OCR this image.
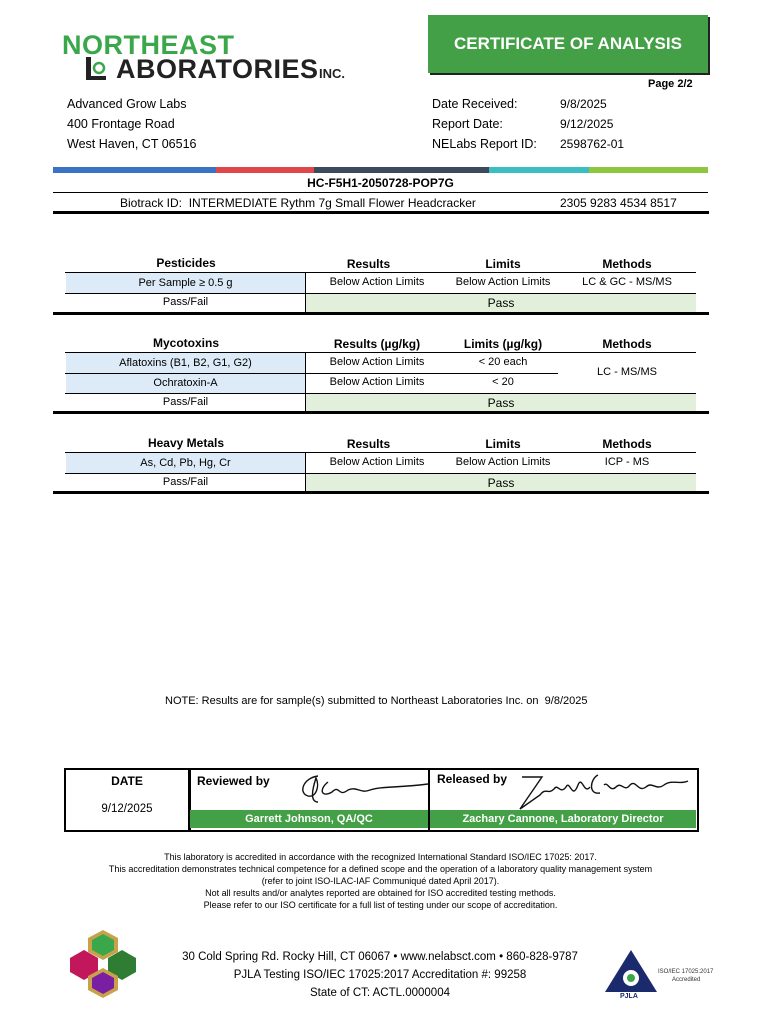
NORTHEAST
ABORATORIES INC.
CERTIFICATE OF ANALYSIS
Page 2/2
Advanced Grow Labs
400 Frontage Road
West Haven, CT 06516
Date Received:	9/8/2025
Report Date:	9/12/2025
NELabs Report ID: 2598762-01
HC-F5H1-2050728-POP7G
Biotrack ID: INTERMEDIATE Rythm 7g Small Flower Headcracker	2305 9283 4534 8517
Pesticides	Results	Limits	Methods
Per Sample ≥ 0.5 g	Below Action Limits	Below Action Limits	LC & GC - MS/MS
Pass/Fail	Pass
Mycotoxins	Results (µg/kg)	Limits (µg/kg)	Methods
Aflatoxins (B1, B2, G1, G2)	Below Action Limits	< 20 each
Ochratoxin-A	Below Action Limits	< 20
LC - MS/MS
Pass/Fail	Pass
Heavy Metals	Results	Limits	Methods
As, Cd, Pb, Hg, Cr	Below Action Limits	Below Action Limits	ICP - MS
Pass/Fail	Pass
NOTE: Results are for sample(s) submitted to Northeast Laboratories Inc. on 9/8/2025
DATE
9/12/2025
Reviewed by
Garrett Johnson, QA/QC
Released by
Zachary Cannone, Laboratory Director
This laboratory is accredited in accordance with the recognized International Standard ISO/IEC 17025: 2017.
This accreditation demonstrates technical competence for a defined scope and the operation of a laboratory quality management system
(refer to joint ISO-ILAC-IAF Communiqué dated April 2017).
Not all results and/or analytes reported are obtained for ISO accredited testing methods.
Please refer to our ISO certificate for a full list of testing under our scope of accreditation.
30 Cold Spring Rd. Rocky Hill, CT 06067 • www.nelabsct.com • 860-828-9787
PJLA Testing ISO/IEC 17025:2017 Accreditation #: 99258
State of CT: ACTL.0000004	PJLA
ISO/IEC 17025:2017
Accredited
